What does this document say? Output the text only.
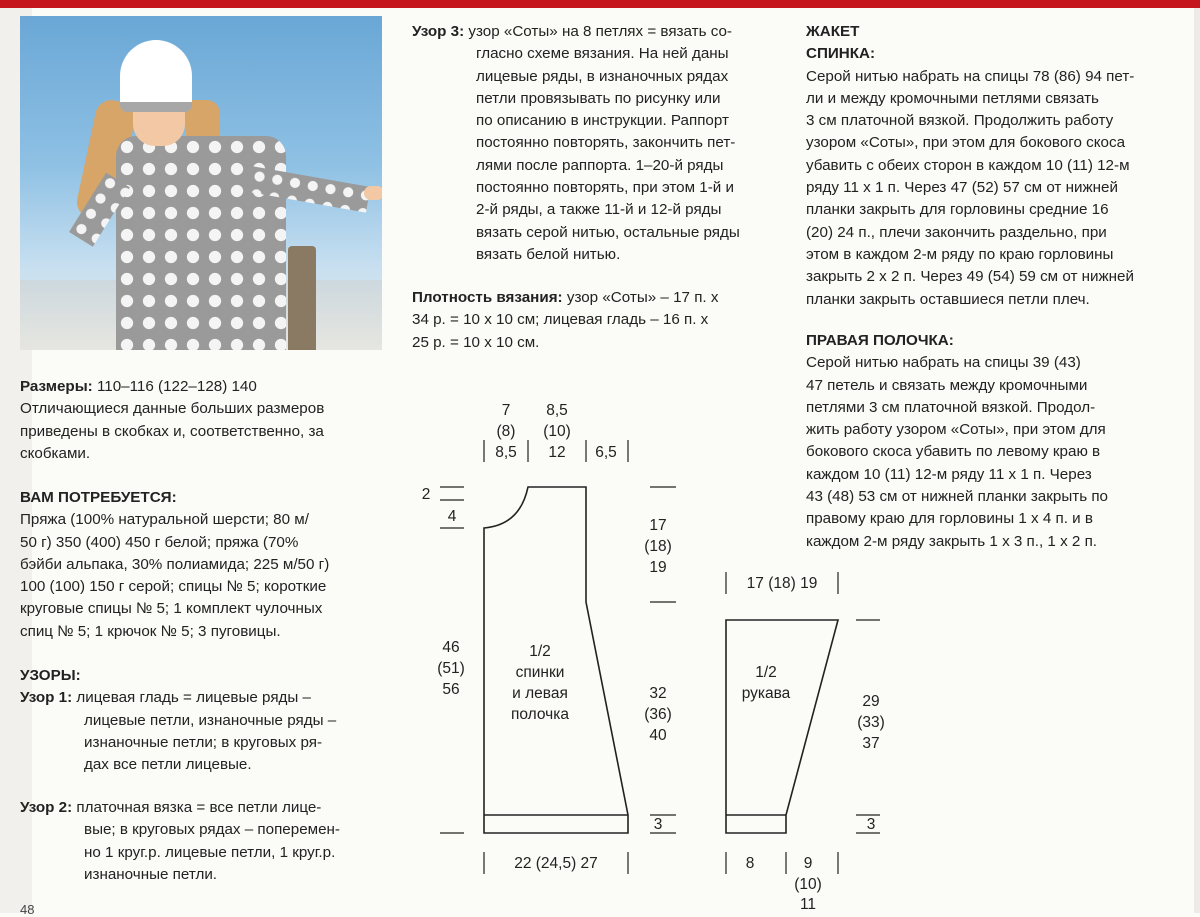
Размеры: 110–116 (122–128) 140
Отличающиеся данные больших размеров
приведены в скобках и, соответственно, за
скобками.

ВАМ ПОТРЕБУЕТСЯ:
Пряжа (100% натуральной шерсти; 80 м/
50 г) 350 (400) 450 г белой; пряжа (70%
бэйби альпака, 30% полиамида; 225 м/50 г)
100 (100) 150 г серой; спицы № 5; короткие
круговые спицы № 5; 1 комплект чулочных
спиц № 5; 1 крючок № 5; 3 пуговицы.

УЗОРЫ:
Узор 1: лицевая гладь = лицевые ряды –
лицевые петли, изнаночные ряды –
изнаночные петли; в круговых ря-
дах все петли лицевые.

Узор 2: платочная вязка = все петли лице-
вые; в круговых рядах – поперемен-
но 1 круг.р. лицевые петли, 1 круг.р.
изнаночные петли.

Узор 3: узор «Соты» на 8 петлях = вязать со-
гласно схеме вязания. На ней даны
лицевые ряды, в изнаночных рядах
петли провязывать по рисунку или
по описанию в инструкции. Раппорт
постоянно повторять, закончить пет-
лями после раппорта. 1–20-й ряды
постоянно повторять, при этом 1-й и
2-й ряды, а также 11-й и 12-й ряды
вязать серой нитью, остальные ряды
вязать белой нитью.

Плотность вязания: узор «Соты» – 17 п. х
34 р. = 10 х 10 см; лицевая гладь – 16 п. х
25 р. = 10 х 10 см.

ЖАКЕТ
СПИНКА:
Серой нитью набрать на спицы 78 (86) 94 пет-
ли и между кромочными петлями связать
3 см платочной вязкой. Продолжить работу
узором «Соты», при этом для бокового скоса
убавить с обеих сторон в каждом 10 (11) 12-м
ряду 11 х 1 п. Через 47 (52) 57 см от нижней
планки закрыть для горловины средние 16
(20) 24 п., плечи закончить раздельно, при
этом в каждом 2-м ряду по краю горловины
закрыть 2 х 2 п. Через 49 (54) 59 см от нижней
планки закрыть оставшиеся петли плеч.

ПРАВАЯ ПОЛОЧКА:
Серой нитью набрать на спицы 39 (43)
47 петель и связать между кромочными
петлями 3 см платочной вязкой. Продол-
жить работу узором «Соты», при этом для
бокового скоса убавить по левому краю в
каждом 10 (11) 12-м ряду 11 х 1 п. Через
43 (48) 53 см от нижней планки закрыть по
правому краю для горловины 1 х 4 п. и в
каждом 2-м ряду закрыть 1 х 3 п., 1 х 2 п.

7
(8)
8,5
8,5
(10)
12 6,5
2
4
46
(51)
56
1/2
спинки
и левая
полочка
17
(18)
19
32
(36)
40
3
22 (24,5) 27
17 (18) 19
1/2
рукава	29
(33)
37
3
8	9
(10)
11
48
